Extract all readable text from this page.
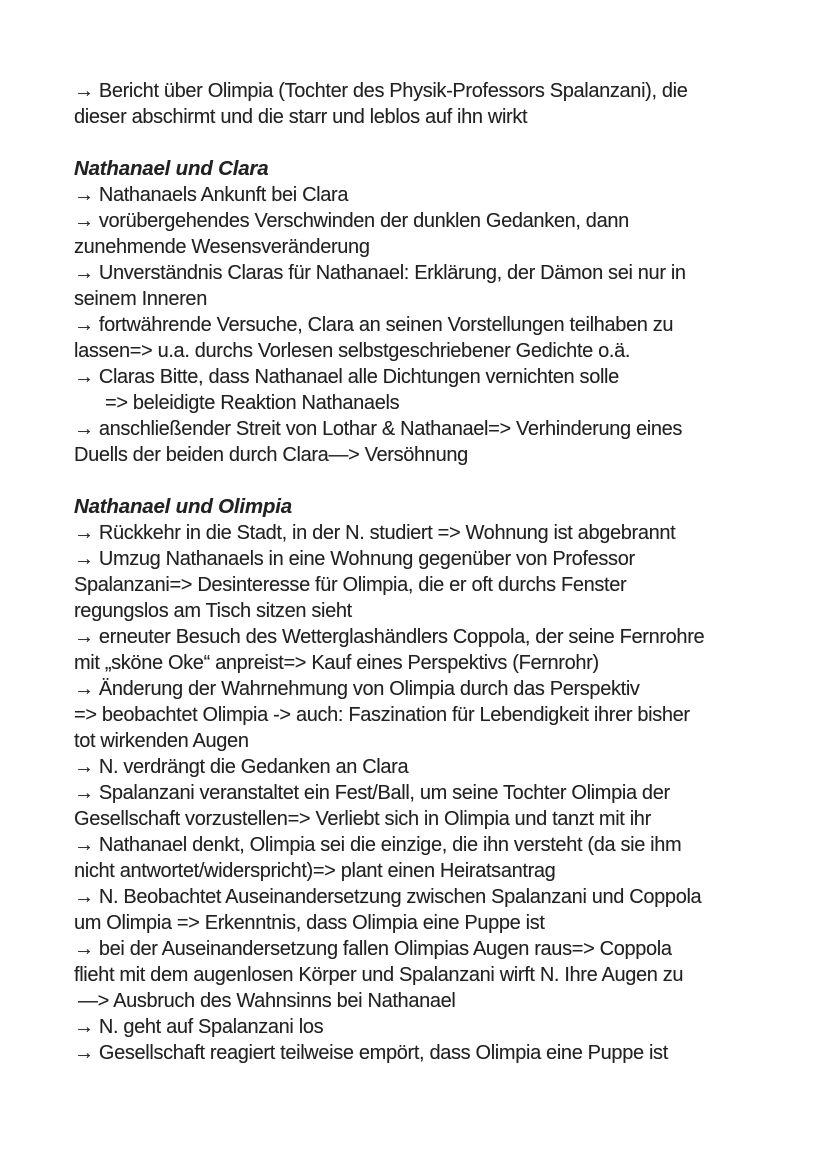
→ Bericht über Olimpia (Tochter des Physik-Professors Spalanzani), die
dieser abschirmt und die starr und leblos auf ihn wirkt
Nathanael und Clara
→ Nathanaels Ankunft bei Clara
→ vorübergehendes Verschwinden der dunklen Gedanken, dann
zunehmende Wesensveränderung
→ Unverständnis Claras für Nathanael: Erklärung, der Dämon sei nur in
seinem Inneren
→ fortwährende Versuche, Clara an seinen Vorstellungen teilhaben zu
lassen=> u.a. durchs Vorlesen selbstgeschriebener Gedichte o.ä.
→ Claras Bitte, dass Nathanael alle Dichtungen vernichten solle
=> beleidigte Reaktion Nathanaels
→ anschließender Streit von Lothar & Nathanael=> Verhinderung eines
Duells der beiden durch Clara—> Versöhnung
Nathanael und Olimpia
→ Rückkehr in die Stadt, in der N. studiert => Wohnung ist abgebrannt
→ Umzug Nathanaels in eine Wohnung gegenüber von Professor
Spalanzani=> Desinteresse für Olimpia, die er oft durchs Fenster
regungslos am Tisch sitzen sieht
→ erneuter Besuch des Wetterglashändlers Coppola, der seine Fernrohre
mit „sköne Oke“ anpreist=> Kauf eines Perspektivs (Fernrohr)
→ Änderung der Wahrnehmung von Olimpia durch das Perspektiv
=> beobachtet Olimpia -> auch: Faszination für Lebendigkeit ihrer bisher
tot wirkenden Augen
→ N. verdrängt die Gedanken an Clara
→ Spalanzani veranstaltet ein Fest/Ball, um seine Tochter Olimpia der
Gesellschaft vorzustellen=> Verliebt sich in Olimpia und tanzt mit ihr
→ Nathanael denkt, Olimpia sei die einzige, die ihn versteht (da sie ihm
nicht antwortet/widerspricht)=> plant einen Heiratsantrag
→ N. Beobachtet Auseinandersetzung zwischen Spalanzani und Coppola
um Olimpia => Erkenntnis, dass Olimpia eine Puppe ist
→ bei der Auseinandersetzung fallen Olimpias Augen raus=> Coppola
flieht mit dem augenlosen Körper und Spalanzani wirft N. Ihre Augen zu
—> Ausbruch des Wahnsinns bei Nathanael
→ N. geht auf Spalanzani los
→ Gesellschaft reagiert teilweise empört, dass Olimpia eine Puppe ist
